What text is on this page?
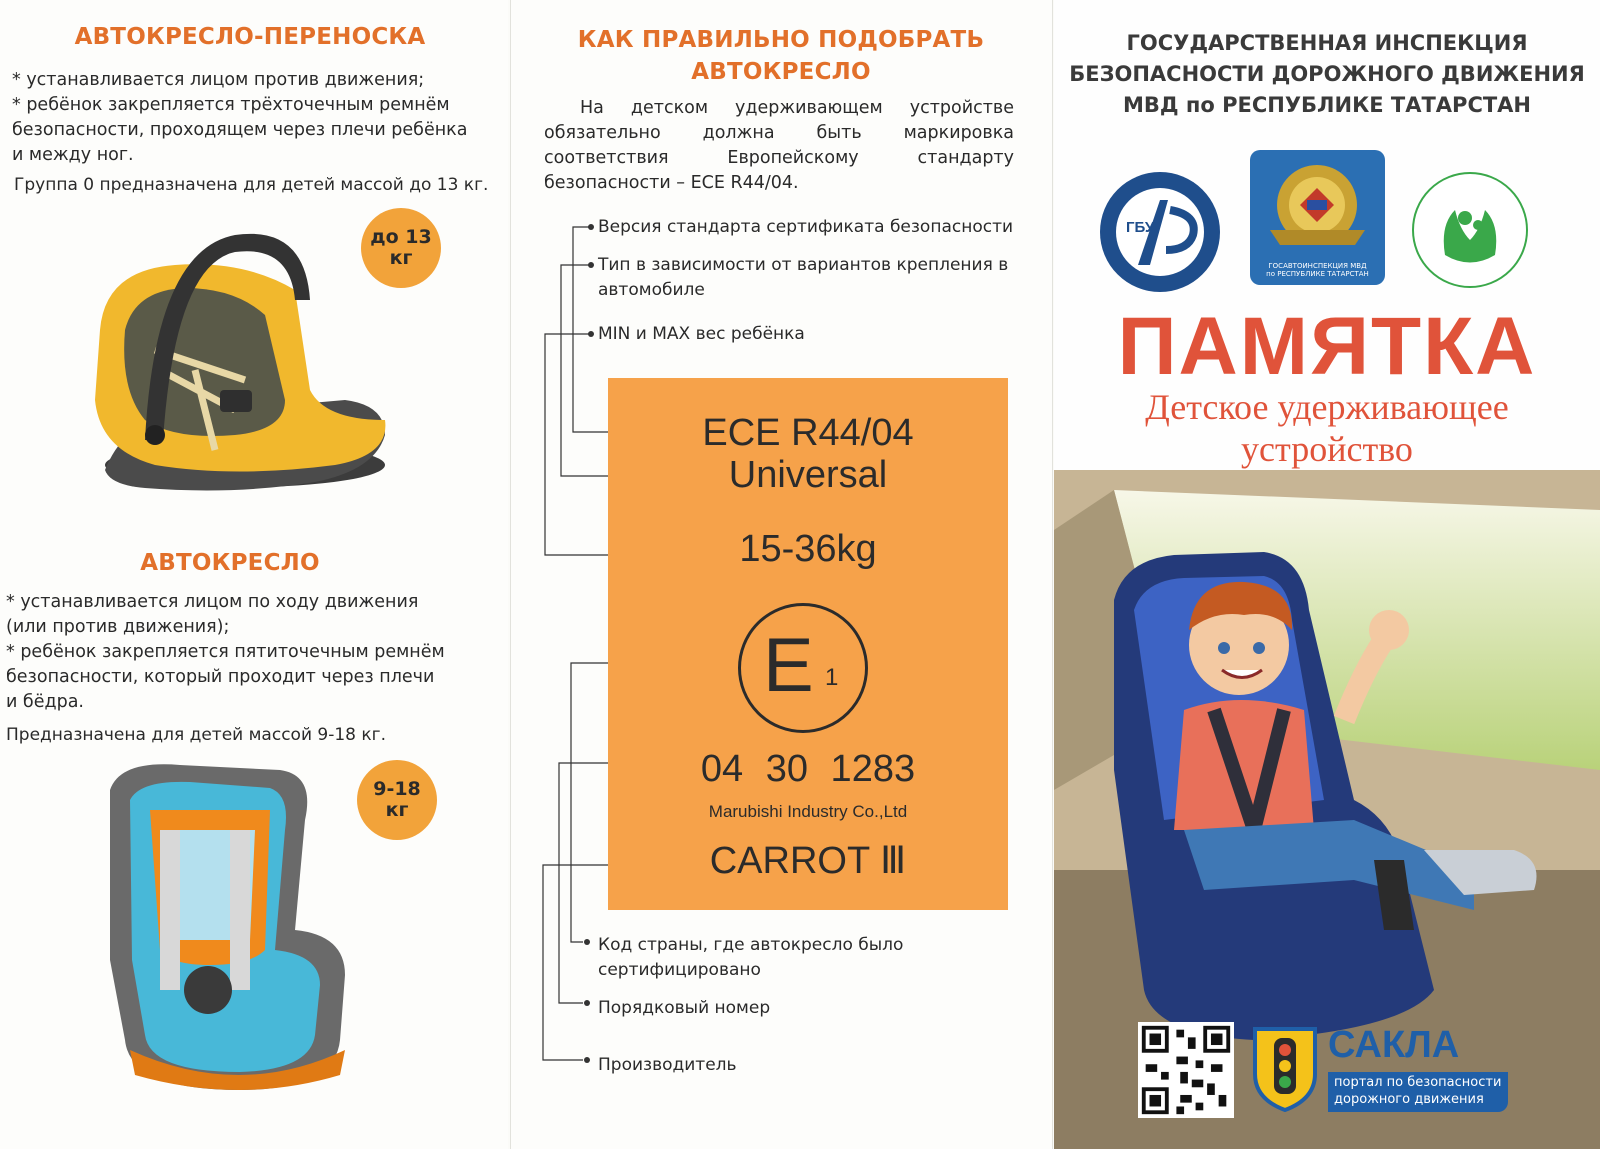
АВТОКРЕСЛО-ПЕРЕНОСКА
* устанавливается лицом против движения;
* ребёнок закрепляется трёхточечным ремнём
безопасности, проходящем через плечи ребёнка
и между ног.
Группа 0 предназначена для детей массой до 13 кг.
до 13
кг
АВТОКРЕСЛО
* устанавливается лицом по ходу движения
(или против движения);
* ребёнок закрепляется пятиточечным ремнём
безопасности, который проходит через плечи
и бёдра.
Предназначена для детей массой 9-18 кг.
9-18
кг
КАК ПРАВИЛЬНО ПОДОБРАТЬ
АВТОКРЕСЛО
На детском удерживающем устройстве обязательно должна быть маркировка соответствия Европейскому стандарту безопасности – ECE R44/04.
Версия стандарта сертификата безопасности
Тип в зависимости от вариантов крепления в автомобиле
MIN и MAX вес ребёнка
ECE R44/04
Universal
15-36kg
E 1
04 30 1283
Marubishi Industry Co.,Ltd
CARROT Ⅲ
Код страны, где автокресло было сертифицировано
Порядковый номер
Производитель
ГОСУДАРСТВЕННАЯ ИНСПЕКЦИЯ
БЕЗОПАСНОСТИ ДОРОЖНОГО ДВИЖЕНИЯ
МВД по РЕСПУБЛИКЕ ТАТАРСТАН
ГБУ
ГОСАВТОИНСПЕКЦИЯ МВД
по РЕСПУБЛИКЕ ТАТАРСТАН
ПАМЯТКА
Детское удерживающее
устройство
САКЛА
портал по безопасности
дорожного движения
